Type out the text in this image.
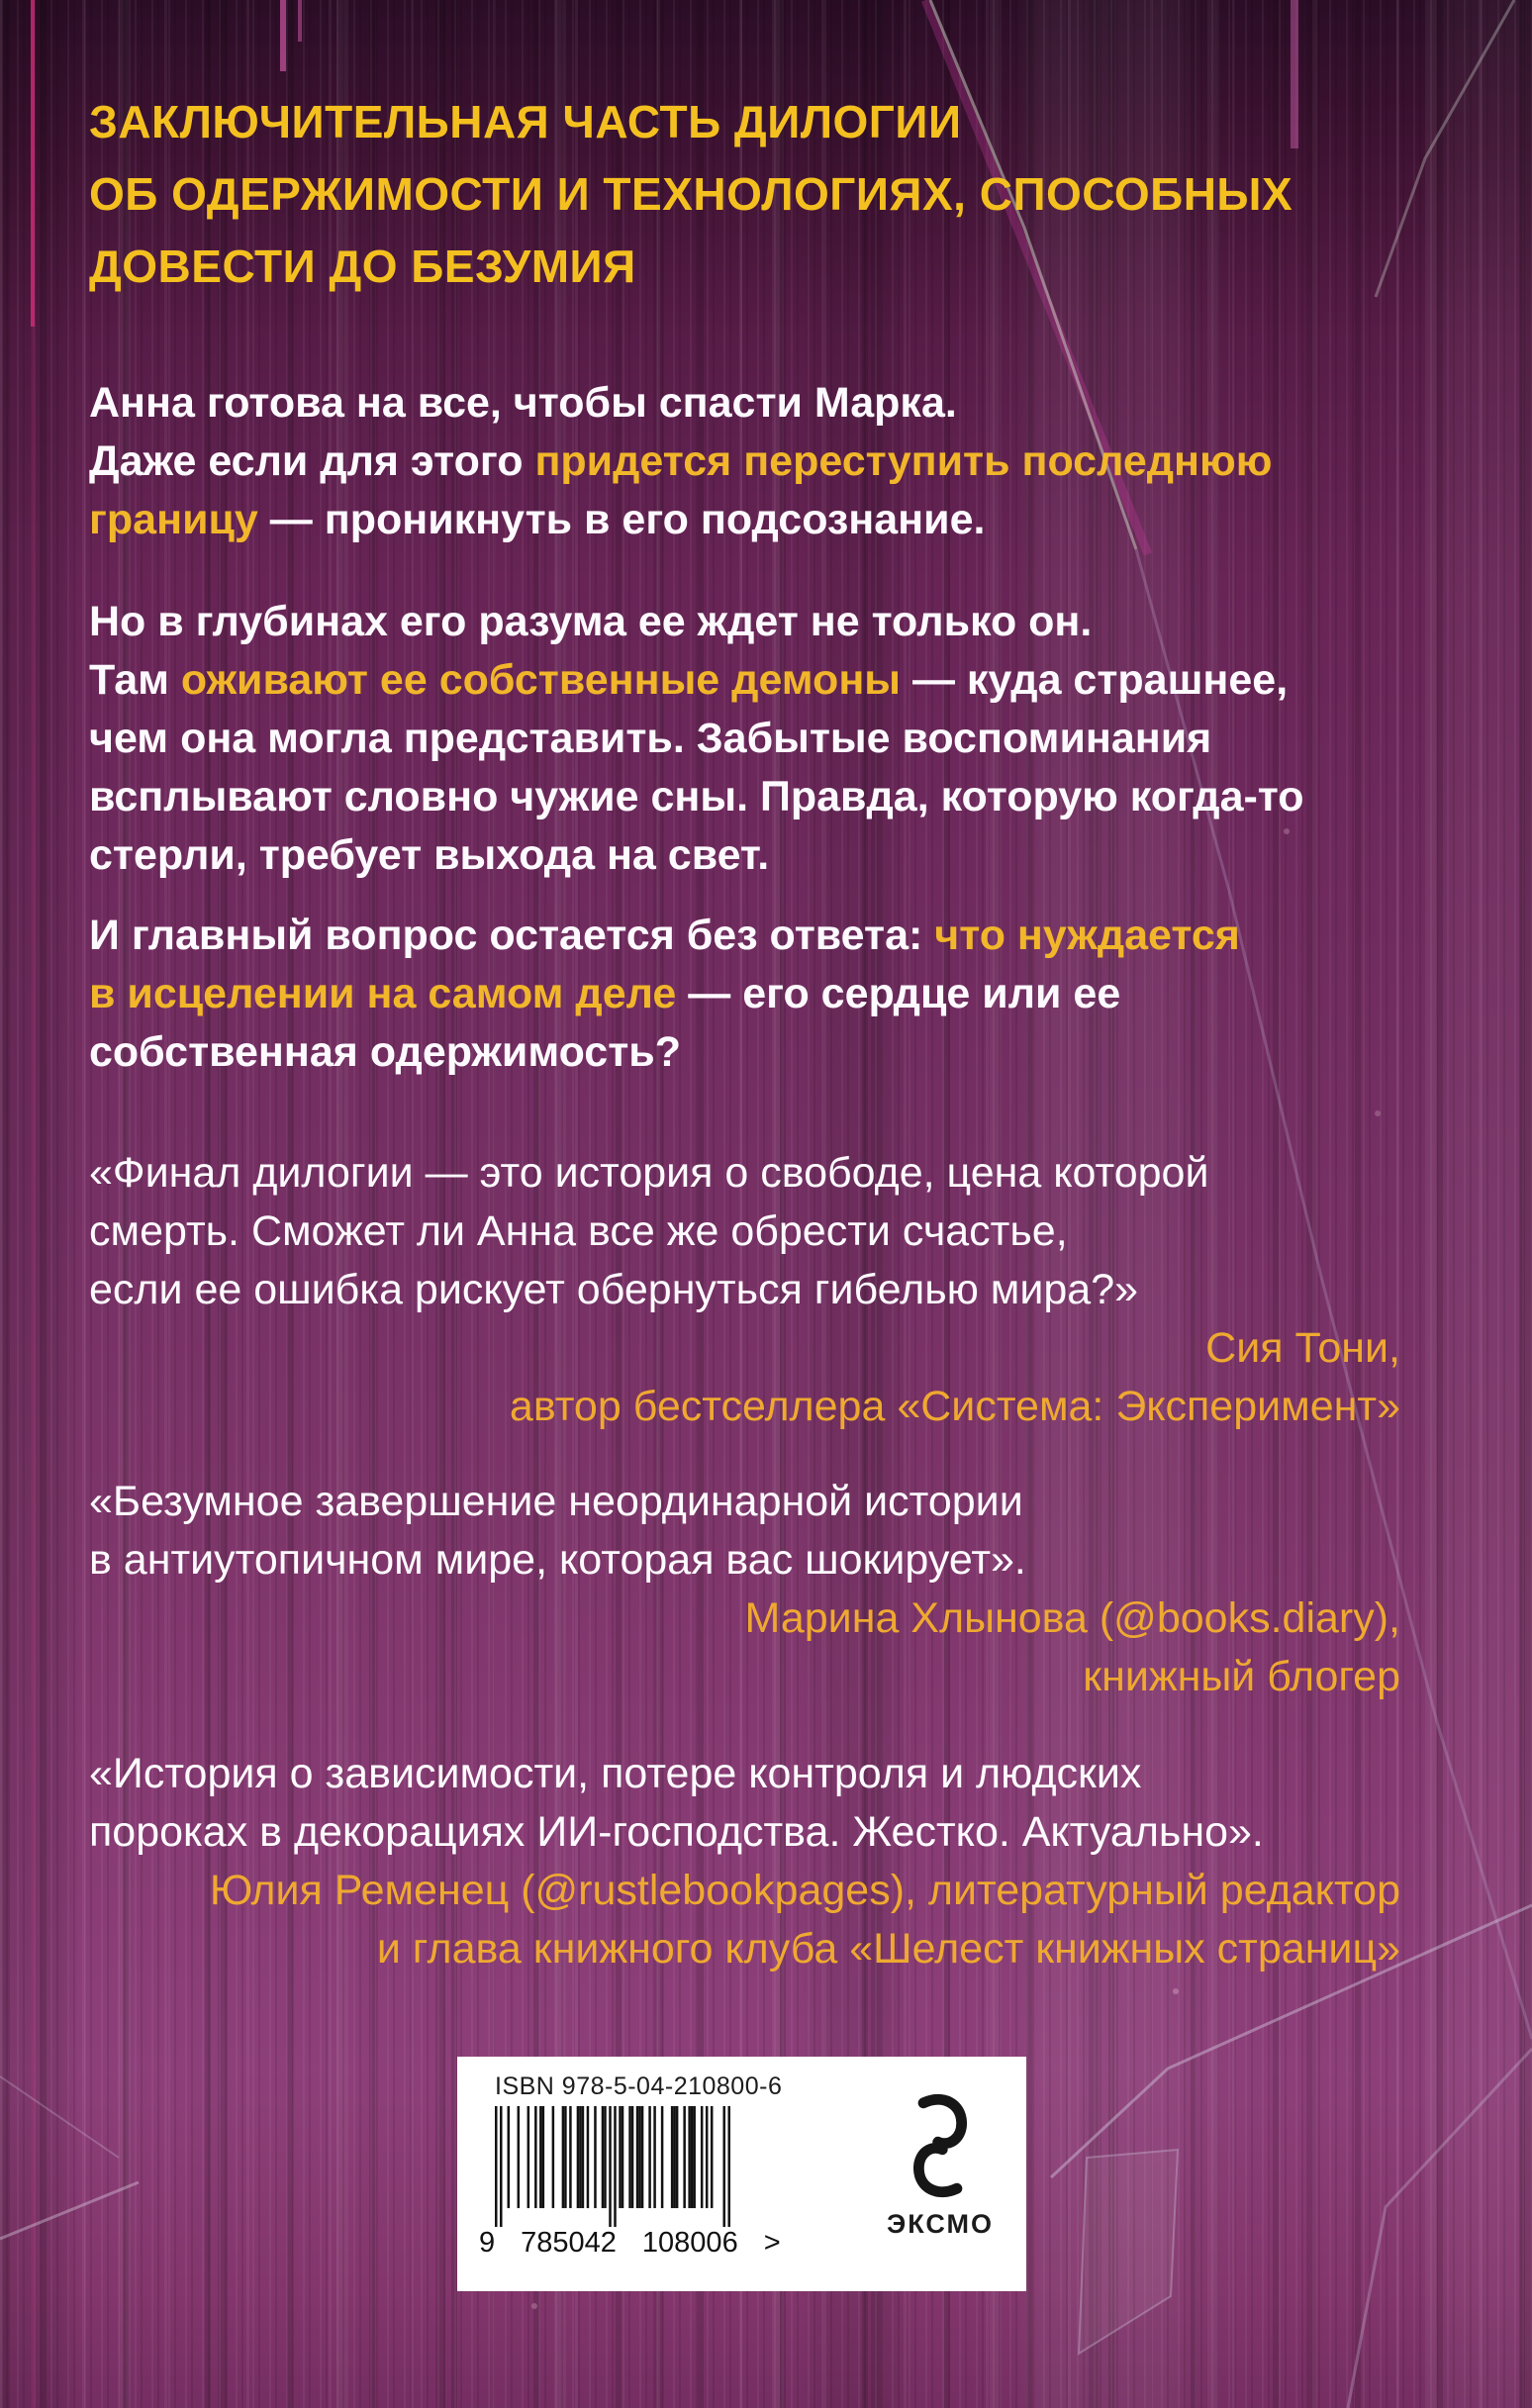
ЗАКЛЮЧИТЕЛЬНАЯ ЧАСТЬ ДИЛОГИИ
ОБ ОДЕРЖИМОСТИ И ТЕХНОЛОГИЯХ, СПОСОБНЫХ
ДОВЕСТИ ДО БЕЗУМИЯ
Анна готова на все, чтобы спасти Марка.
Даже если для этого придется переступить последнюю
границу — проникнуть в его подсознание.
Но в глубинах его разума ее ждет не только он.
Там оживают ее собственные демоны — куда страшнее,
чем она могла представить. Забытые воспоминания
всплывают словно чужие сны. Правда, которую когда-то
стерли, требует выхода на свет.
И главный вопрос остается без ответа: что нуждается
в исцелении на самом деле — его сердце или ее
собственная одержимость?
«Финал дилогии — это история о свободе, цена которой
смерть. Сможет ли Анна все же обрести счастье,
если ее ошибка рискует обернуться гибелью мира?»
Сия Тони,
автор бестселлера «Система: Эксперимент»
«Безумное завершение неординарной истории
в антиутопичном мире, которая вас шокирует».
Марина Хлынова (@books.diary),
книжный блогер
«История о зависимости, потере контроля и людских
пороках в декорациях ИИ-господства. Жестко. Актуально».
Юлия Ременец (@rustlebookpages), литературный редактор
и глава книжного клуба «Шелест книжных страниц»
ISBN 978-5-04-210800-6
9 785042 108006 >
ЭКСМО
